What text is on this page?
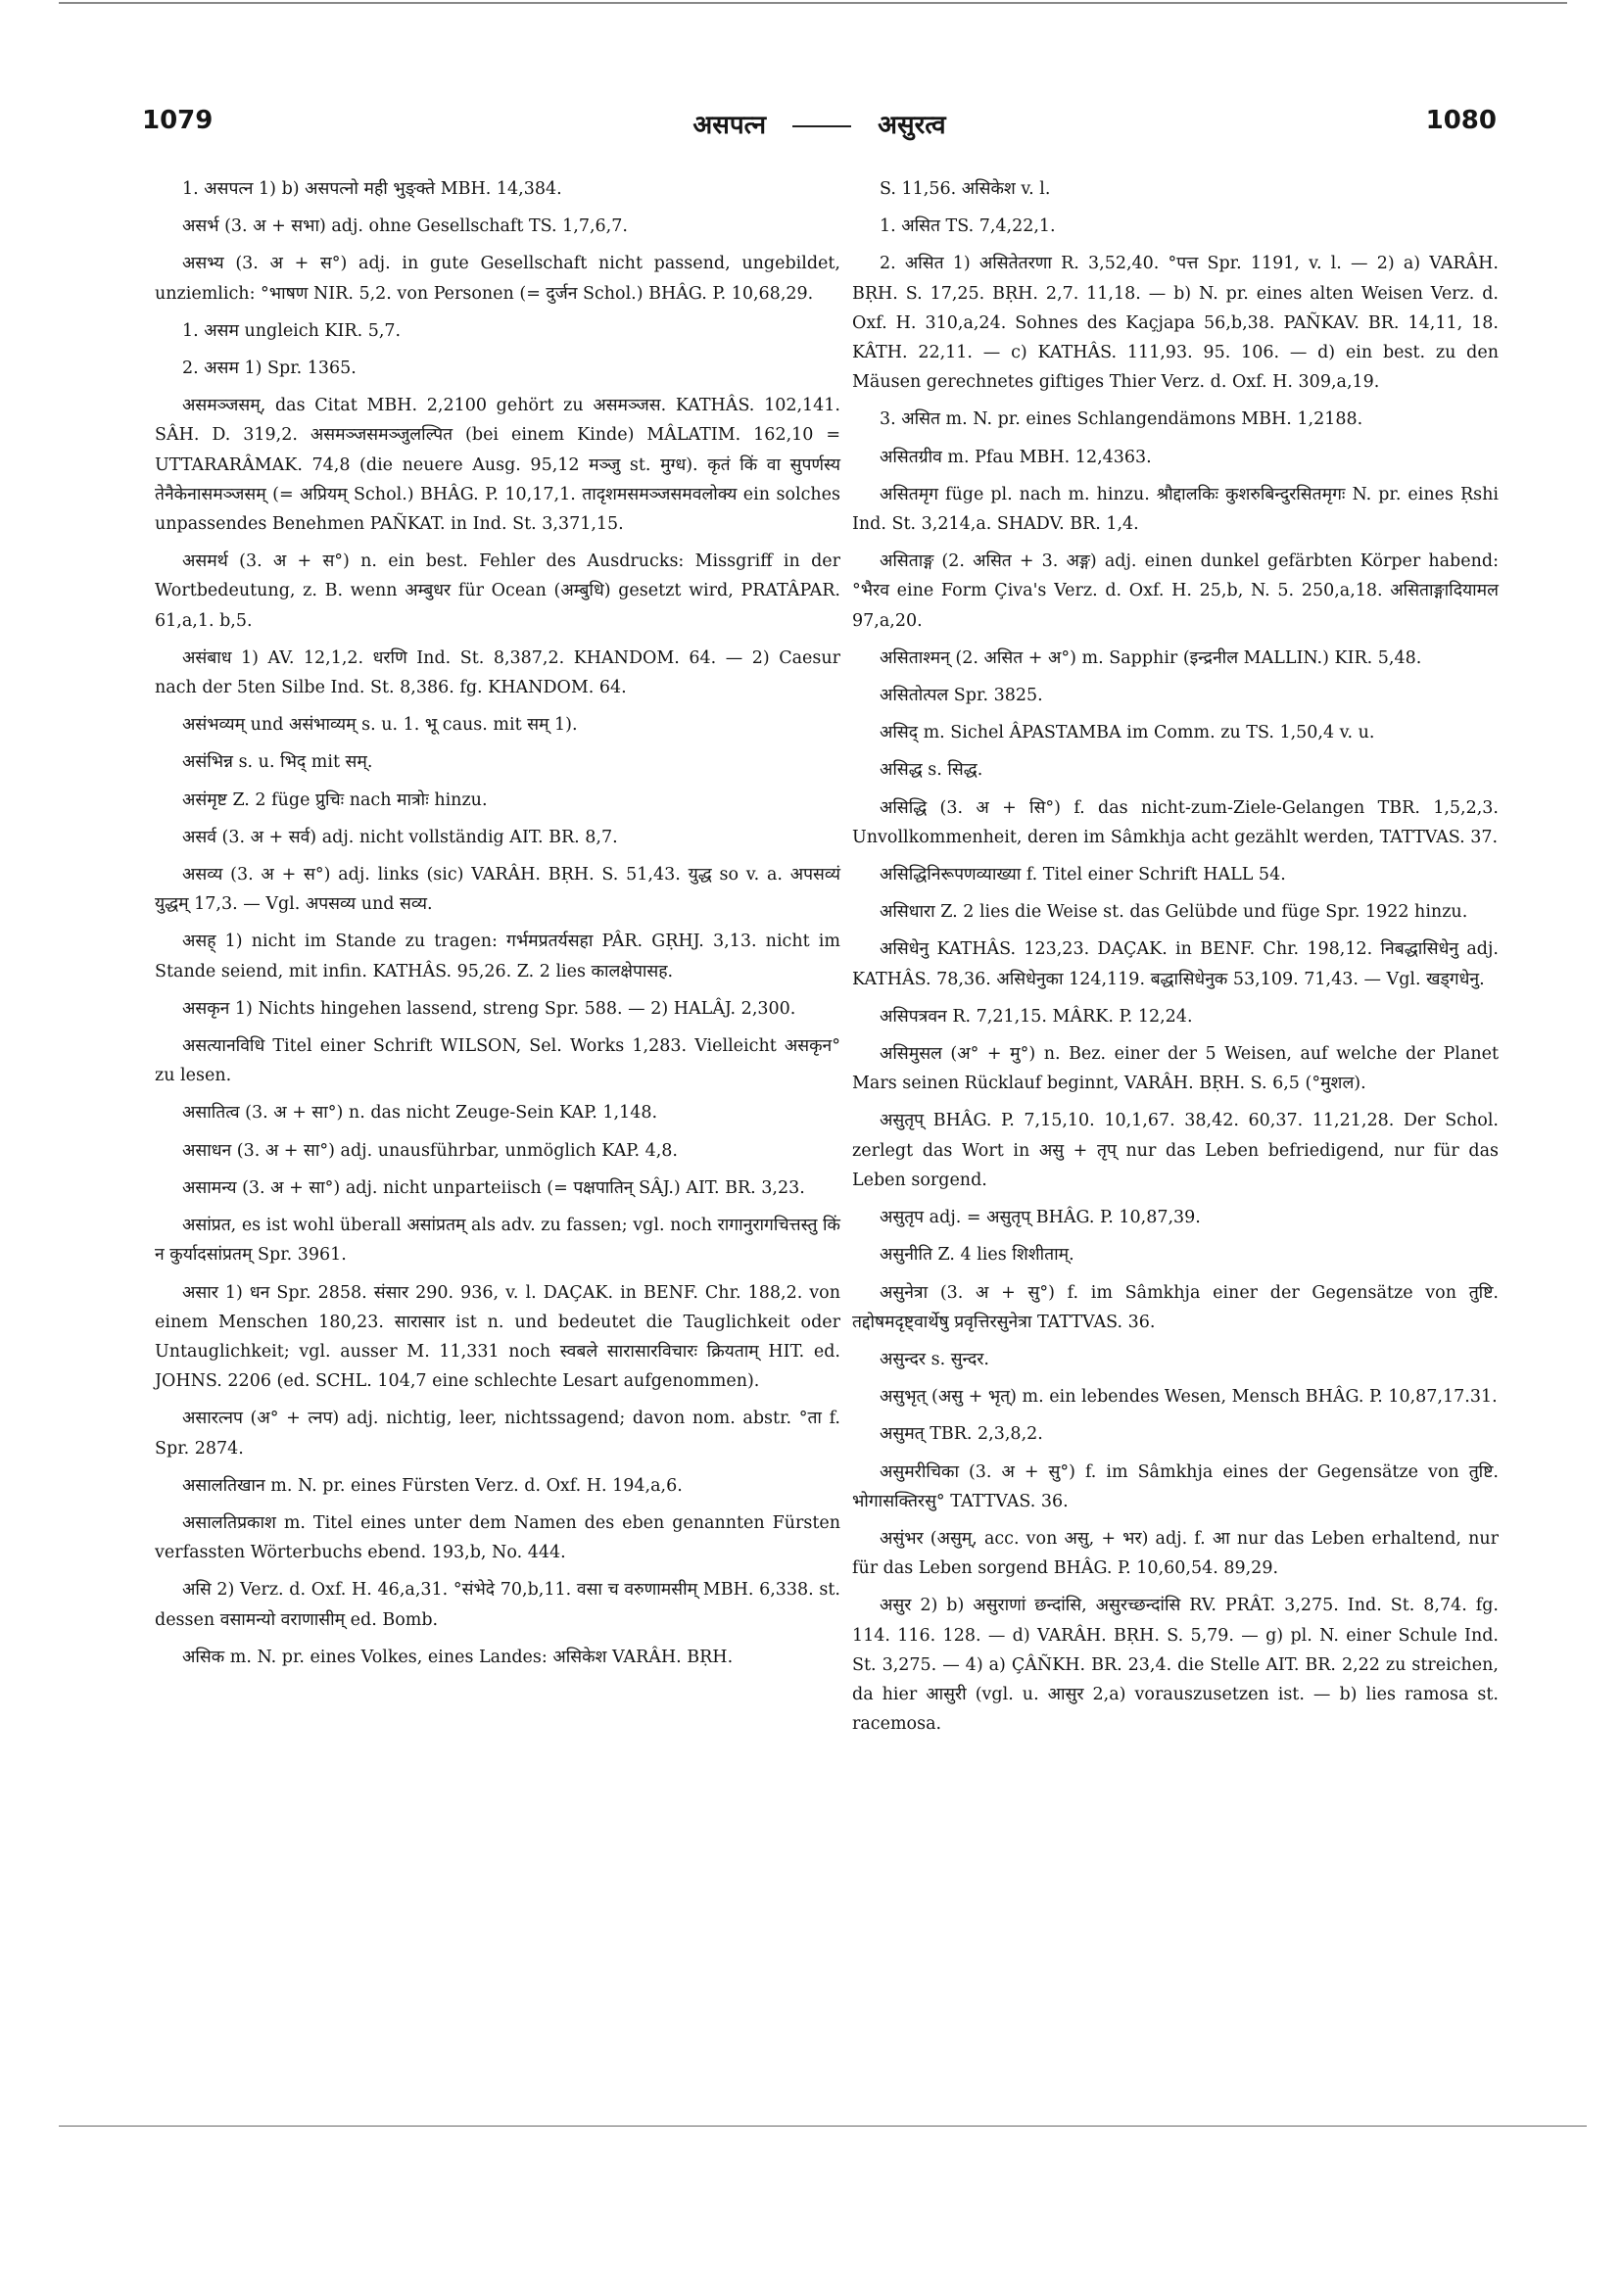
1079	असपत्न	असुरत्व	1080

1. असपत्न 1) b) असपत्नो मही भुङ्क्ते MBH. 14,384.

असर्भ (3. अ + सभा) adj. ohne Gesellschaft TS. 1,7,6,7.

असभ्य (3. अ + स°) adj. in gute Gesellschaft nicht passend, ungebildet, unziemlich: °भाषण NIR. 5,2. von Personen (= दुर्जन Schol.) BHÂG. P. 10,68,29.

1. असम ungleich KIR. 5,7.

2. असम 1) Spr. 1365.

असमञ्जसम्, das Citat MBH. 2,2100 gehört zu असमञ्जस. KATHÂS. 102,141. SÂH. D. 319,2. असमञ्जसमञ्जुलल्पित (bei einem Kinde) MÂLATIM. 162,10 = UTTARARÂMAK. 74,8 (die neuere Ausg. 95,12 मञ्जु st. मुग्ध). कृतं किं वा सुपर्णस्य तेनैकेनासमञ्जसम् (= अप्रियम् Schol.) BHÂG. P. 10,17,1. तादृशमसमञ्जसमवलोक्य ein solches unpassendes Benehmen PAÑKAT. in Ind. St. 3,371,15.

असमर्थ (3. अ + स°) n. ein best. Fehler des Ausdrucks: Missgriff in der Wortbedeutung, z. B. wenn अम्बुधर für Ocean (अम्बुधि) gesetzt wird, PRATÂPAR. 61,a,1. b,5.

असंबाध 1) AV. 12,1,2. धरणि Ind. St. 8,387,2. KHANDOM. 64. — 2) Caesur nach der 5ten Silbe Ind. St. 8,386. fg. KHANDOM. 64.

असंभव्यम् und असंभाव्यम् s. u. 1. भू caus. mit सम् 1).

असंभिन्न s. u. भिद् mit सम्.

असंमृष्ट Z. 2 füge प्रुचिः nach मात्रोः hinzu.

असर्व (3. अ + सर्व) adj. nicht vollständig AIT. BR. 8,7.

असव्य (3. अ + स°) adj. links (sic) VARÂH. BṚH. S. 51,43. युद्ध so v. a. अपसव्यं युद्धम् 17,3. — Vgl. अपसव्य und सव्य.

असह् 1) nicht im Stande zu tragen: गर्भमप्रतर्यसहा PÂR. GṚHJ. 3,13. nicht im Stande seiend, mit infin. KATHÂS. 95,26. Z. 2 lies कालक्षेपासह.

असकृन 1) Nichts hingehen lassend, streng Spr. 588. — 2) HALÂJ. 2,300.

असत्यानविधि Titel einer Schrift WILSON, Sel. Works 1,283. Vielleicht असकृन° zu lesen.

असातित्व (3. अ + सा°) n. das nicht Zeuge-Sein KAP. 1,148.

असाधन (3. अ + सा°) adj. unausführbar, unmöglich KAP. 4,8.

असामन्य (3. अ + सा°) adj. nicht unparteiisch (= पक्षपातिन् SÂJ.) AIT. BR. 3,23.

असांप्रत, es ist wohl überall असांप्रतम् als adv. zu fassen; vgl. noch रागानुरागचित्तस्तु किं न कुर्यादसांप्रतम् Spr. 3961.

असार 1) धन Spr. 2858. संसार 290. 936, v. l. DAÇAK. in BENF. Chr. 188,2. von einem Menschen 180,23. सारासार ist n. und bedeutet die Tauglichkeit oder Untauglichkeit; vgl. ausser M. 11,331 noch स्वबले सारासारविचारः क्रियताम् HIT. ed. JOHNS. 2206 (ed. SCHL. 104,7 eine schlechte Lesart aufgenommen).

असारत्नप (अ° + त्नप) adj. nichtig, leer, nichtssagend; davon nom. abstr. °ता f. Spr. 2874.

असालतिखान m. N. pr. eines Fürsten Verz. d. Oxf. H. 194,a,6.

असालतिप्रकाश m. Titel eines unter dem Namen des eben genannten Fürsten verfassten Wörterbuchs ebend. 193,b, No. 444.

असि 2) Verz. d. Oxf. H. 46,a,31. °संभेदे 70,b,11. वसा च वरुणामसीम् MBH. 6,338. st. dessen वसामन्यो वराणासीम् ed. Bomb.

असिक m. N. pr. eines Volkes, eines Landes: असिकेश VARÂH. BṚH.

S. 11,56. असिकेश v. l.

1. असित TS. 7,4,22,1.

2. असित 1) असितेतरणा R. 3,52,40. °पत्त Spr. 1191, v. l. — 2) a) VARÂH. BṚH. S. 17,25. BṚH. 2,7. 11,18. — b) N. pr. eines alten Weisen Verz. d. Oxf. H. 310,a,24. Sohnes des Kaçjapa 56,b,38. PAÑKAV. BR. 14,11, 18. KÂTH. 22,11. — c) KATHÂS. 111,93. 95. 106. — d) ein best. zu den Mäusen gerechnetes giftiges Thier Verz. d. Oxf. H. 309,a,19.

3. असित m. N. pr. eines Schlangendämons MBH. 1,2188.

असितग्रीव m. Pfau MBH. 12,4363.

असितमृग füge pl. nach m. hinzu. श्रौद्दालकिः कुशरुबिन्दुरसितमृगः N. pr. eines Ṛshi Ind. St. 3,214,a. SHADV. BR. 1,4.

असिताङ्ग (2. असित + 3. अङ्ग) adj. einen dunkel gefärbten Körper habend: °भैरव eine Form Çiva's Verz. d. Oxf. H. 25,b, N. 5. 250,a,18. असिताङ्गादियामल 97,a,20.

असिताश्मन् (2. असित + अ°) m. Sapphir (इन्द्रनील MALLIN.) KIR. 5,48.

असितोत्पल Spr. 3825.

असिद् m. Sichel ÂPASTAMBA im Comm. zu TS. 1,50,4 v. u.

असिद्ध s. सिद्ध.

असिद्धि (3. अ + सि°) f. das nicht-zum-Ziele-Gelangen TBR. 1,5,2,3. Unvollkommenheit, deren im Sâmkhja acht gezählt werden, TATTVAS. 37.

असिद्धिनिरूपणव्याख्या f. Titel einer Schrift HALL 54.

असिधारा Z. 2 lies die Weise st. das Gelübde und füge Spr. 1922 hinzu.

असिधेनु KATHÂS. 123,23. DAÇAK. in BENF. Chr. 198,12. निबद्धासिधेनु adj. KATHÂS. 78,36. असिधेनुका 124,119. बद्धासिधेनुक 53,109. 71,43. — Vgl. खड्गधेनु.

असिपत्रवन R. 7,21,15. MÂRK. P. 12,24.

असिमुसल (अ° + मु°) n. Bez. einer der 5 Weisen, auf welche der Planet Mars seinen Rücklauf beginnt, VARÂH. BṚH. S. 6,5 (°मुशल).

असुतृप् BHÂG. P. 7,15,10. 10,1,67. 38,42. 60,37. 11,21,28. Der Schol. zerlegt das Wort in असु + तृप् nur das Leben befriedigend, nur für das Leben sorgend.

असुतृप adj. = असुतृप् BHÂG. P. 10,87,39.

असुनीति Z. 4 lies शिशीताम्.

असुनेत्रा (3. अ + सु°) f. im Sâmkhja einer der Gegensätze von तुष्टि. तद्दोषमदृष्ट्वार्थेषु प्रवृत्तिरसुनेत्रा TATTVAS. 36.

असुन्दर s. सुन्दर.

असुभृत् (असु + भृत्) m. ein lebendes Wesen, Mensch BHÂG. P. 10,87,17.31.

असुमत् TBR. 2,3,8,2.

असुमरीचिका (3. अ + सु°) f. im Sâmkhja eines der Gegensätze von तुष्टि. भोगासक्तिरसु° TATTVAS. 36.

असुंभर (असुम्, acc. von असु, + भर) adj. f. आ nur das Leben erhaltend, nur für das Leben sorgend BHÂG. P. 10,60,54. 89,29.

असुर 2) b) असुराणां छन्दांसि, असुरच्छन्दांसि RV. PRÂT. 3,275. Ind. St. 8,74. fg. 114. 116. 128. — d) VARÂH. BṚH. S. 5,79. — g) pl. N. einer Schule Ind. St. 3,275. — 4) a) ÇÂÑKH. BR. 23,4. die Stelle AIT. BR. 2,22 zu streichen, da hier आसुरी (vgl. u. आसुर 2,a) vorauszusetzen ist. — b) lies ramosa st. racemosa.
